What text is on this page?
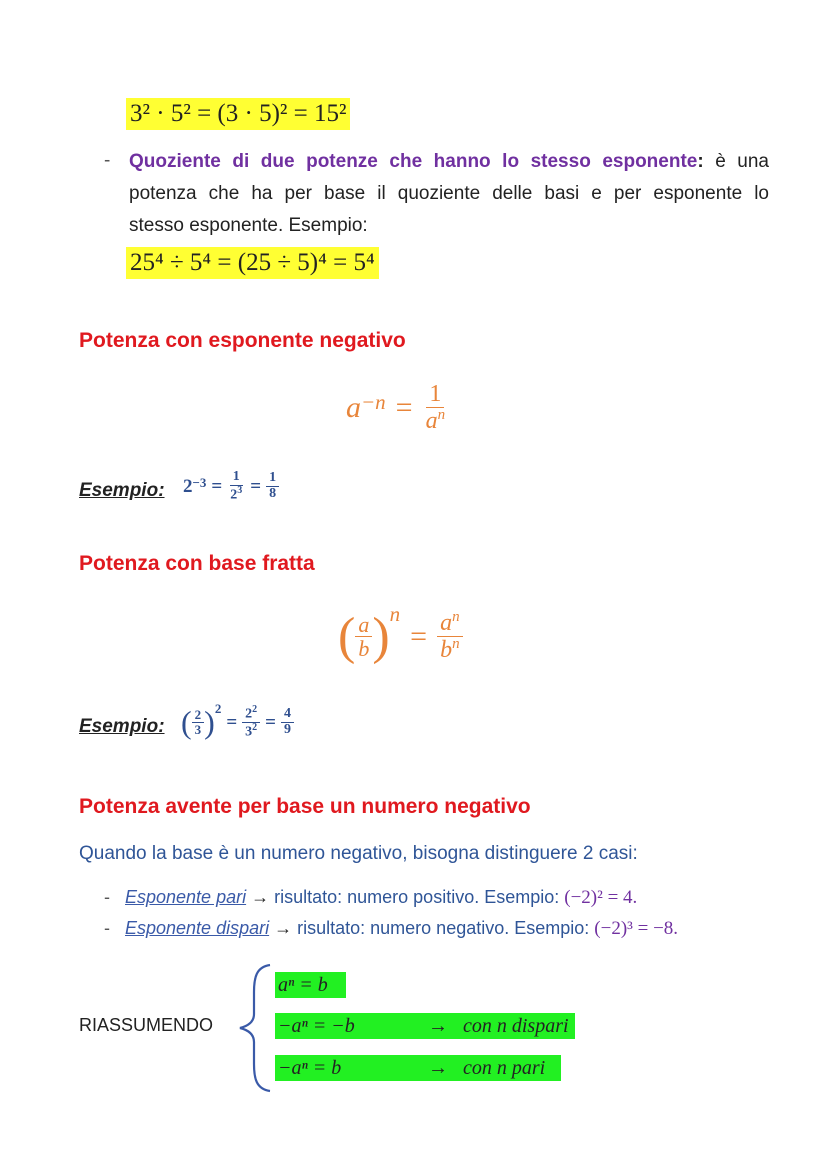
3² · 5² = (3 · 5)² = 15²
- Quoziente di due potenze che hanno lo stesso esponente: è una
potenza che ha per base il quoziente delle basi e per esponente lo
stesso esponente. Esempio:
25⁴ ÷ 5⁴ = (25 ÷ 5)⁴ = 5⁴
Potenza con esponente negativo
$a^{-n} = \frac{1}{a^n}$
Esempio: $2^{-3} = \frac{1}{2^3} = \frac{1}{8}$
Potenza con base fratta
( $\frac{a}{b} )^n$
= $\frac{a^n}{b^n}$
Esempio: ( $\frac{2}{3} )^2$
= $\frac{2^2}{3^2} = \frac{4}{9}$
Potenza avente per base un numero negativo
Quando la base è un numero negativo, bisogna distinguere 2 casi:
- Esponente pari → risultato: numero positivo. Esempio: (−2)² = 4.
- Esponente dispari → risultato: numero negativo. Esempio: (−2)³ = −8.
RIASSUMENDO
aⁿ = b
−aⁿ = −b	→ con n dispari
−aⁿ = b	→ con n pari
